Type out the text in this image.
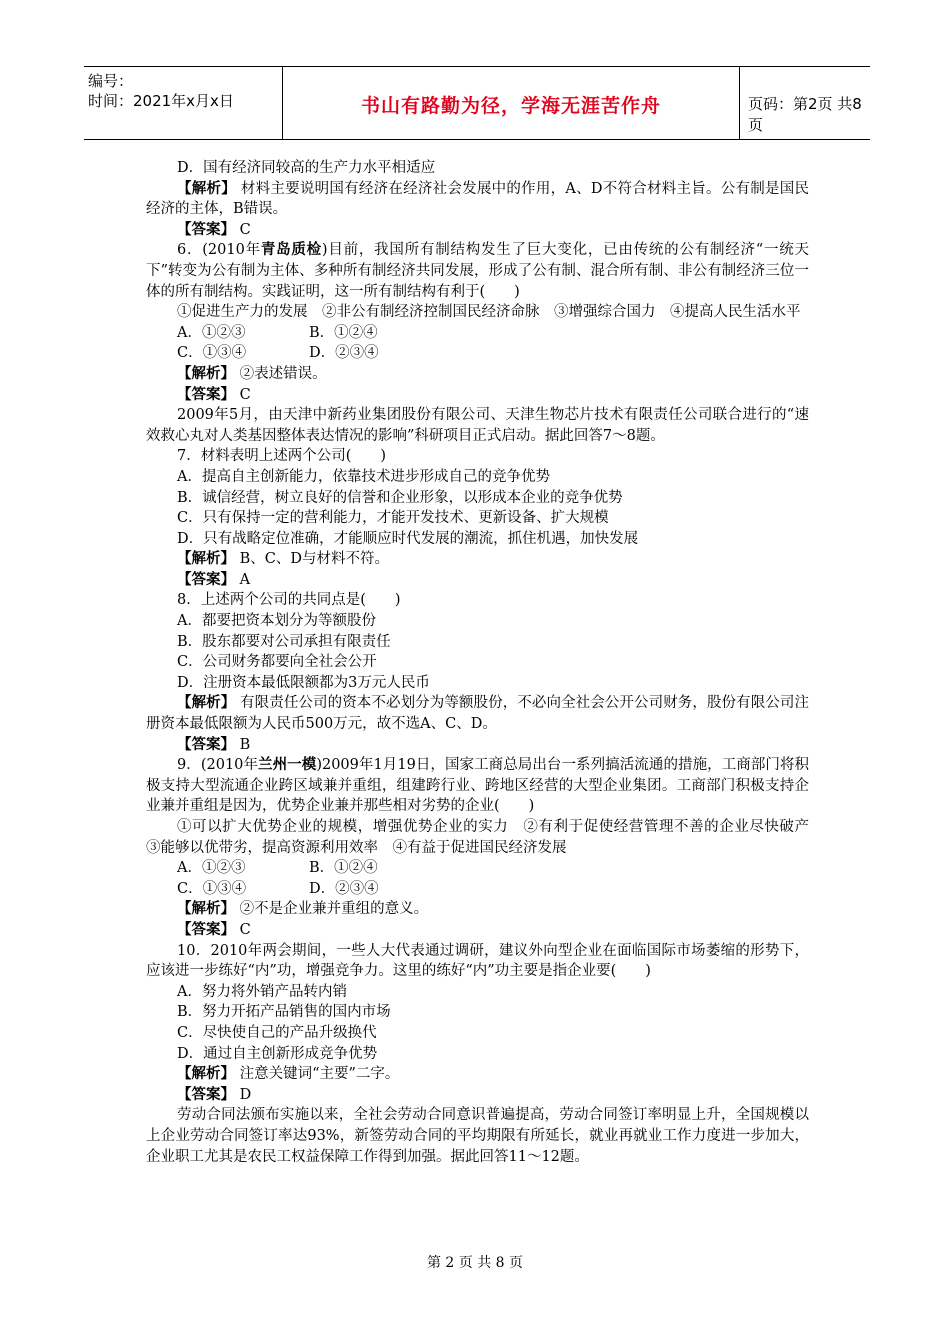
编号：
时间：2021年x月x日	书山有路勤为径，学海无涯苦作舟	页码：第2页 共8页

D．国有经济同较高的生产力水平相适应

【解析】 材料主要说明国有经济在经济社会发展中的作用，A、D不符合材料主旨。公有制是国民经济的主体，B错误。

【答案】 C

6．(2010年青岛质检)目前，我国所有制结构发生了巨大变化，已由传统的公有制经济“一统天下”转变为公有制为主体、多种所有制经济共同发展，形成了公有制、混合所有制、非公有制经济三位一体的所有制结构。实践证明，这一所有制结构有利于(　　)

①促进生产力的发展　②非公有制经济控制国民经济命脉　③增强综合国力　④提高人民生活水平

A．①②③	B．①②④
C．①③④	D．②③④

【解析】 ②表述错误。

【答案】 C

2009年5月，由天津中新药业集团股份有限公司、天津生物芯片技术有限责任公司联合进行的“速效救心丸对人类基因整体表达情况的影响”科研项目正式启动。据此回答7～8题。

7．材料表明上述两个公司(　　)

A．提高自主创新能力，依靠技术进步形成自己的竞争优势

B．诚信经营，树立良好的信誉和企业形象，以形成本企业的竞争优势

C．只有保持一定的营利能力，才能开发技术、更新设备、扩大规模

D．只有战略定位准确，才能顺应时代发展的潮流，抓住机遇，加快发展

【解析】 B、C、D与材料不符。

【答案】 A

8．上述两个公司的共同点是(　　)

A．都要把资本划分为等额股份

B．股东都要对公司承担有限责任

C．公司财务都要向全社会公开

D．注册资本最低限额都为3万元人民币

【解析】 有限责任公司的资本不必划分为等额股份，不必向全社会公开公司财务，股份有限公司注册资本最低限额为人民币500万元，故不选A、C、D。

【答案】 B

9．(2010年兰州一模)2009年1月19日，国家工商总局出台一系列搞活流通的措施，工商部门将积极支持大型流通企业跨区域兼并重组，组建跨行业、跨地区经营的大型企业集团。工商部门积极支持企业兼并重组是因为，优势企业兼并那些相对劣势的企业(　　)

①可以扩大优势企业的规模，增强优势企业的实力　②有利于促使经营管理不善的企业尽快破产　③能够以优带劣，提高资源利用效率　④有益于促进国民经济发展

A．①②③	B．①②④
C．①③④	D．②③④

【解析】 ②不是企业兼并重组的意义。

【答案】 C

10．2010年两会期间，一些人大代表通过调研，建议外向型企业在面临国际市场萎缩的形势下，应该进一步练好“内”功，增强竞争力。这里的练好“内”功主要是指企业要(　　)

A．努力将外销产品转内销

B．努力开拓产品销售的国内市场

C．尽快使自己的产品升级换代

D．通过自主创新形成竞争优势

【解析】 注意关键词“主要”二字。

【答案】 D

劳动合同法颁布实施以来，全社会劳动合同意识普遍提高，劳动合同签订率明显上升，全国规模以上企业劳动合同签订率达93%，新签劳动合同的平均期限有所延长，就业再就业工作力度进一步加大，企业职工尤其是农民工权益保障工作得到加强。据此回答11～12题。

第 2 页 共 8 页
